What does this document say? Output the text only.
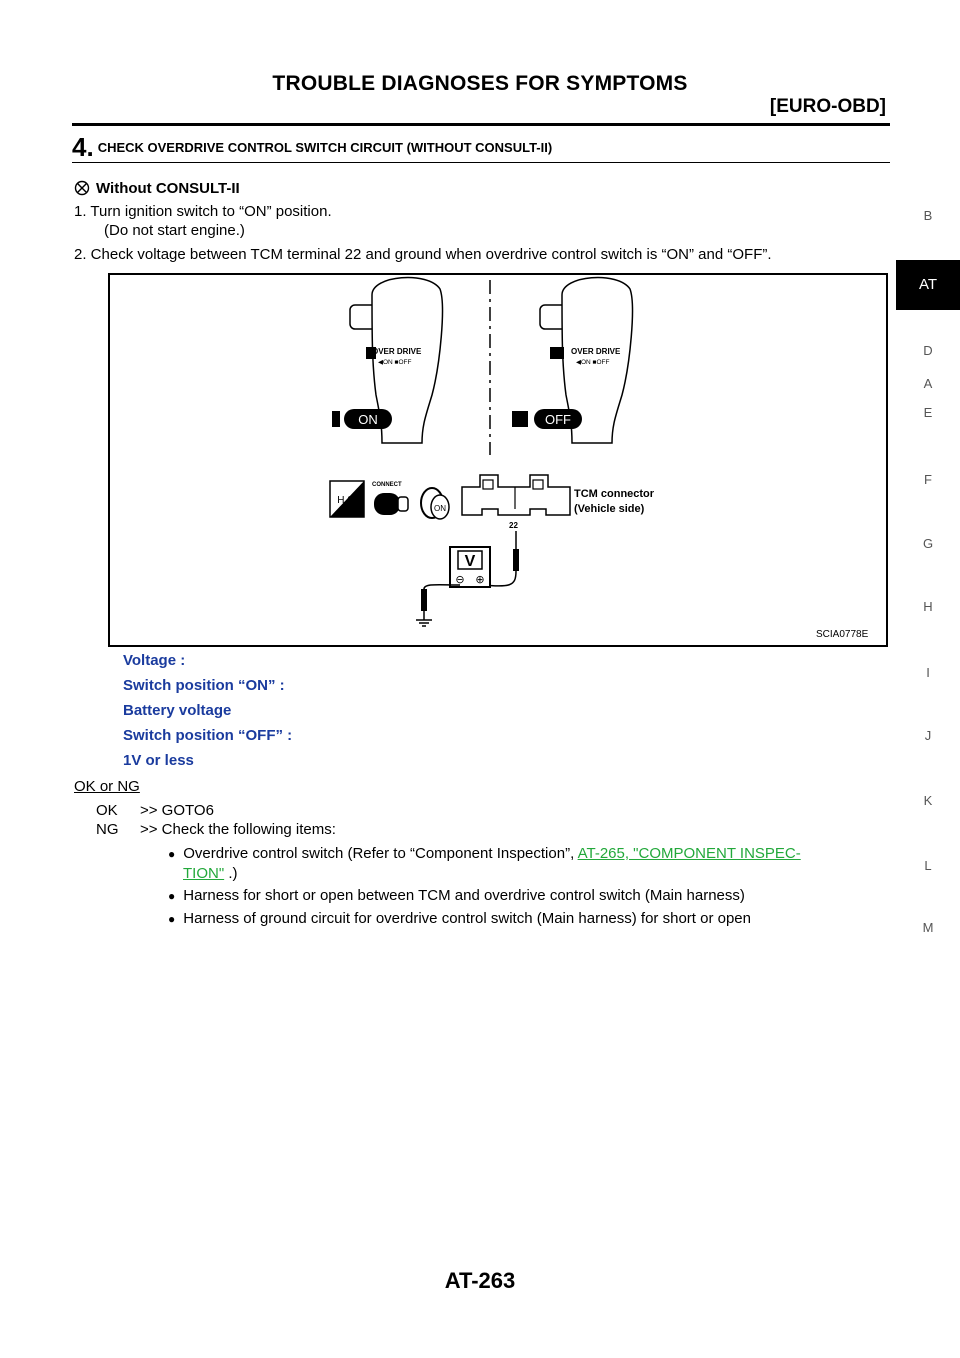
TROUBLE DIAGNOSES FOR SYMPTOMS
[EURO-OBD]
A
B
AT
D
E
F
G
H
I
J
K
L
M
4. $^{CHECK OVERDRIVE CONTROL SWITCH CIRCUIT (WITHOUT CONSULT-II)}$
Without CONSULT-II
1. Turn ignition switch to “ON” position.
(Do not start engine.)
2. Check voltage between TCM terminal 22 and ground when overdrive control switch is “ON” and “OFF”.
OVER DRIVE
◀ON ■OFF
ON
OVER DRIVE
◀ON ■OFF
OFF
H.S.
CONNECT
ON
TCM connector
(Vehicle side)
22
V
⊖ ⊕
SCIA0778E
Voltage :
Switch position “ON” :
Battery voltage
Switch position “OFF” :
1V or less
OK or NG
OK >> GOTO6
NG >> Check the following items:
● Overdrive control switch (Refer to “Component Inspection”, AT-265, "COMPONENT INSPEC-
TION" .)
● Harness for short or open between TCM and overdrive control switch (Main harness)
● Harness of ground circuit for overdrive control switch (Main harness) for short or open
AT-263
